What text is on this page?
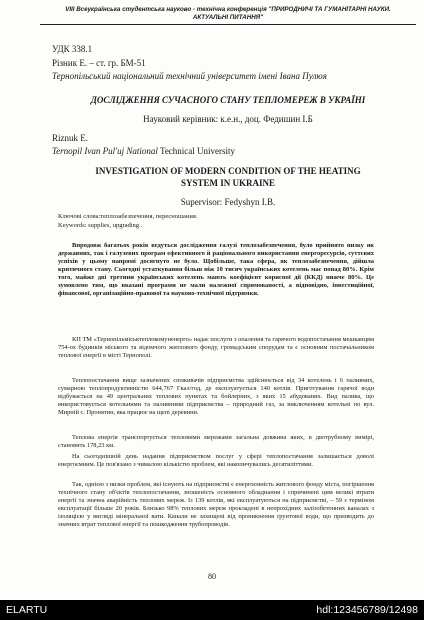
VIII Всеукраїнська студентська науково - технічна конференція "ПРИРОДНИЧІ ТА ГУМАНІТАРНІ НАУКИ.
АКТУАЛЬНІ ПИТАННЯ"
УДК 338.1
Різник Е. – ст. гр. БМ-51
Тернопільський національний технічний університет імені Івана Пулюя
ДОСЛІДЖЕННЯ СУЧАСНОГО СТАНУ ТЕПЛОМЕРЕЖ В УКРАЇНІ
Науковий керівник: к.е.н., доц. Федишин І.Б
Riznuk E.
Ternopil Ivan Pul'uj National Technical University
INVESTIGATION OF MODERN CONDITION OF THE HEATING
SYSTEM IN UKRAINE
Supervisor: Fedyshyn I.B.
Ключові слова:теплозабезпечення, пересношания.
Keywords: supplies, upgrading .
Впродовж багатьох років ведуться дослідження галузі теплозабезпечення, було прийнято низку як державних, так і галузевих програм ефективного й раціонального використання енергоресурсів, суттєвих успіхів у цьому напрямі досягнуто не було. Щобільше, така сфера, як теплозабезпечення, дійшла критичного стану. Сьогодні устаткування більш ніж 10 тисяч українських котелень має понад 80%. Крім того, майже дві третини українських котелень мають коефіцієнт корисної дії (ККД) нижче 80%. Це зумовлено тим, що вказані програми не мали належної спрямованості, а відповідно, інвестиційної, фінансової, організаційно-правової та науково-технічної підтримки.
КП ТМ «Тернопільміськтеплокомуненерго» надає послуги з опалення та гарячого водопостачання мешканцям 754-ох будинків міського та відомчого житлового фонду, громадським спорудам та є основним постачальником теплової енергії в місті Тернополі.
Теплопостачання вище зазначених споживачів підприємства здійснюється від 34 котелень і 6 паливних, сумарною теплопродуктивністю 644,767 Гкал/год, де експлуатується 140 котлів. Приготування гарячої води відбувається на 49 центральних теплових пунктах та бойлерних, з яких 15 абудованих. Вид палива, що використовується котельними та паливними підприємства – природний газ, за виключенням котельні по вул. Мирній с. Пронятин, яка працює на щепі деревини.
Теплова енергія транспортується тепловими мережами загальна довжина яких, в двотрубному вимірі, становить 178,23 км.
На сьогоднішній день надання підприємством послуг у сфері теплопостачання залишається доволі енергоємним. Це пов'язано з чималою кількістю проблем, які накопичувались десятиліттями.
Так, однією з низки проблем, які існують на підприємстві є енергоємність житлового фонду міста, погіршення технічного стану об'єктів теплопостачання, зношеність основного обладнання і спричинені цим великі втрати енергії та значна аварійність теплових мереж. Із 139 котлів, які експлуатуються на підприємстві, – 59 з терміном експлуатації більше 20 років. Близько 98% теплових мереж прокладені в непрохідних залізобетонних каналах з ізоляцією у вигляді мінеральної вати. Канали не захищені від проникнення ґрунтової води, що призводить до значних втрат теплової енергії та пошкодження трубопроводів.
80
ELARTU	hdl:123456789/12498
